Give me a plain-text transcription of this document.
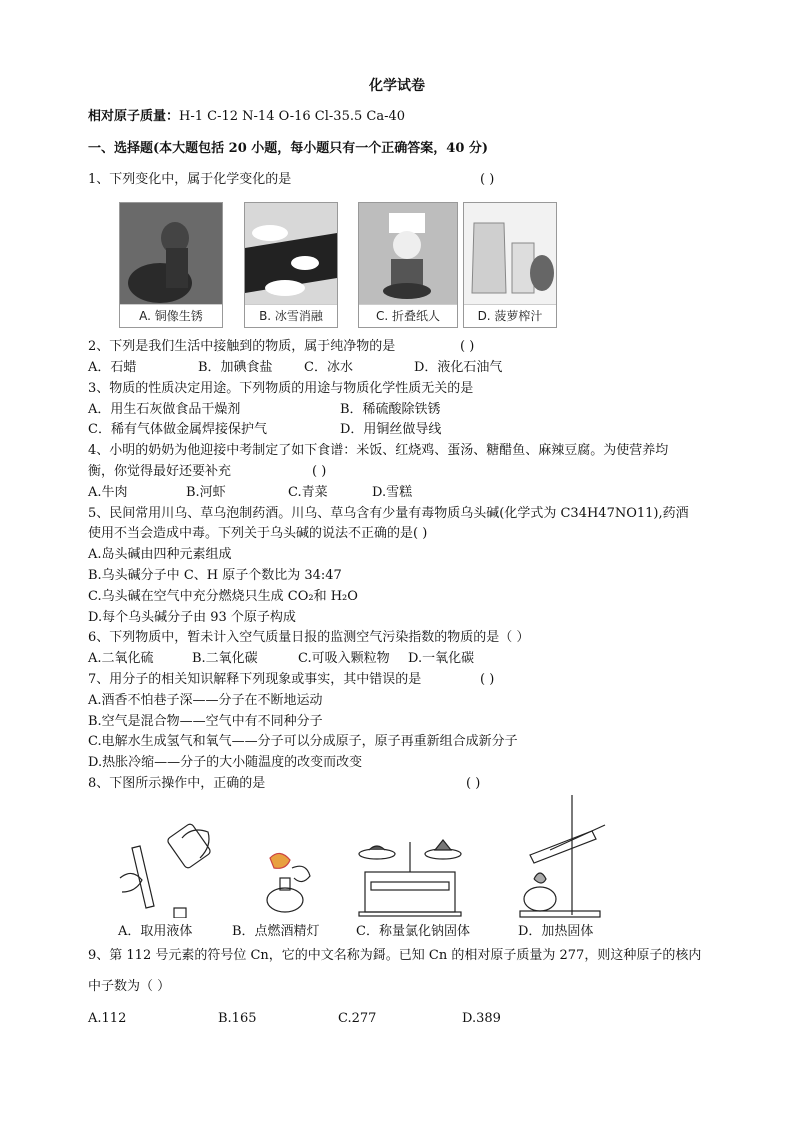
化学试卷
相对原子质量：H-1 C-12 N-14 O-16 Cl-35.5 Ca-40
一、选择题(本大题包括 20 小题，每小题只有一个正确答案，40 分)
1、下列变化中，属于化学变化的是	( )
A. 铜像生锈	B. 冰雪消融	C. 折叠纸人	D. 菠萝榨汁
2、下列是我们生活中接触到的物质，属于纯净物的是	( )
A．石蜡	B．加碘食盐 C．冰水	D．液化石油气
3、物质的性质决定用途。下列物质的用途与物质化学性质无关的是
A．用生石灰做食品干燥剂	B．稀硫酸除铁锈
C．稀有气体做金属焊接保护气	D．用铜丝做导线
4、小明的奶奶为他迎接中考制定了如下食谱：米饭、红烧鸡、蛋汤、糖醋鱼、麻辣豆腐。为使营养均
衡，你觉得最好还要补充	( )
A.牛肉	B.河虾	C.青菜	D.雪糕
5、民间常用川乌、草乌泡制药酒。川乌、草乌含有少量有毒物质乌头碱(化学式为 C34H47NO11),药酒
使用不当会造成中毒。下列关于乌头碱的说法不正确的是( )
A.岛头碱由四种元素组成
B.乌头碱分子中 C、H 原子个数比为 34:47
C.乌头碱在空气中充分燃烧只生成 CO₂和 H₂O
D.每个乌头碱分子由 93 个原子构成
6、下列物质中，暂未计入空气质量日报的监测空气污染指数的物质的是（ ）
A.二氧化硫	B.二氧化碳	C.可吸入颗粒物 D.一氧化碳
7、用分子的相关知识解释下列现象或事实，其中错误的是	( )
A.酒香不怕巷子深——分子在不断地运动
B.空气是混合物——空气中有不同种分子
C.电解水生成氢气和氧气——分子可以分成原子，原子再重新组合成新分子
D.热胀冷缩——分子的大小随温度的改变而改变
8、下图所示操作中，正确的是	( )
A．取用液体	B．点燃酒精灯	C．称量氯化钠固体	D．加热固体
9、第 112 号元素的符号位 Cn，它的中文名称为鎶。已知 Cn 的相对原子质量为 277，则这种原子的核内
中子数为（ ）
A.112	B.165	C.277	D.389
